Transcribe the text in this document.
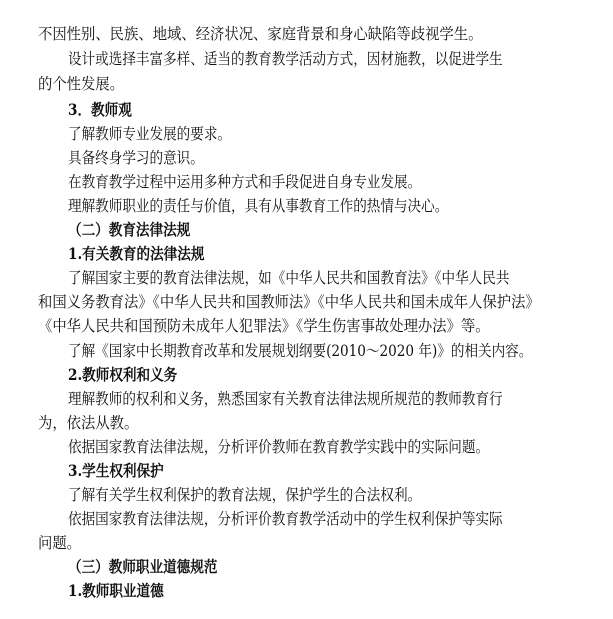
不因性别、民族、地域、经济状况、家庭背景和身心缺陷等歧视学生。
设计或选择丰富多样、适当的教育教学活动方式，因材施教，以促进学生
的个性发展。
3．教师观
了解教师专业发展的要求。
具备终身学习的意识。
在教育教学过程中运用多种方式和手段促进自身专业发展。
理解教师职业的责任与价值，具有从事教育工作的热情与决心。
（二）教育法律法规
1.有关教育的法律法规
了解国家主要的教育法律法规，如《中华人民共和国教育法》《中华人民共
和国义务教育法》《中华人民共和国教师法》《中华人民共和国未成年人保护法》
《中华人民共和国预防未成年人犯罪法》《学生伤害事故处理办法》等。
了解《国家中长期教育改革和发展规划纲要(2010～2020 年)》的相关内容。
2.教师权利和义务
理解教师的权利和义务，熟悉国家有关教育法律法规所规范的教师教育行
为，依法从教。
依据国家教育法律法规，分析评价教师在教育教学实践中的实际问题。
3.学生权利保护
了解有关学生权利保护的教育法规，保护学生的合法权利。
依据国家教育法律法规，分析评价教育教学活动中的学生权利保护等实际
问题。
（三）教师职业道德规范
1.教师职业道德
